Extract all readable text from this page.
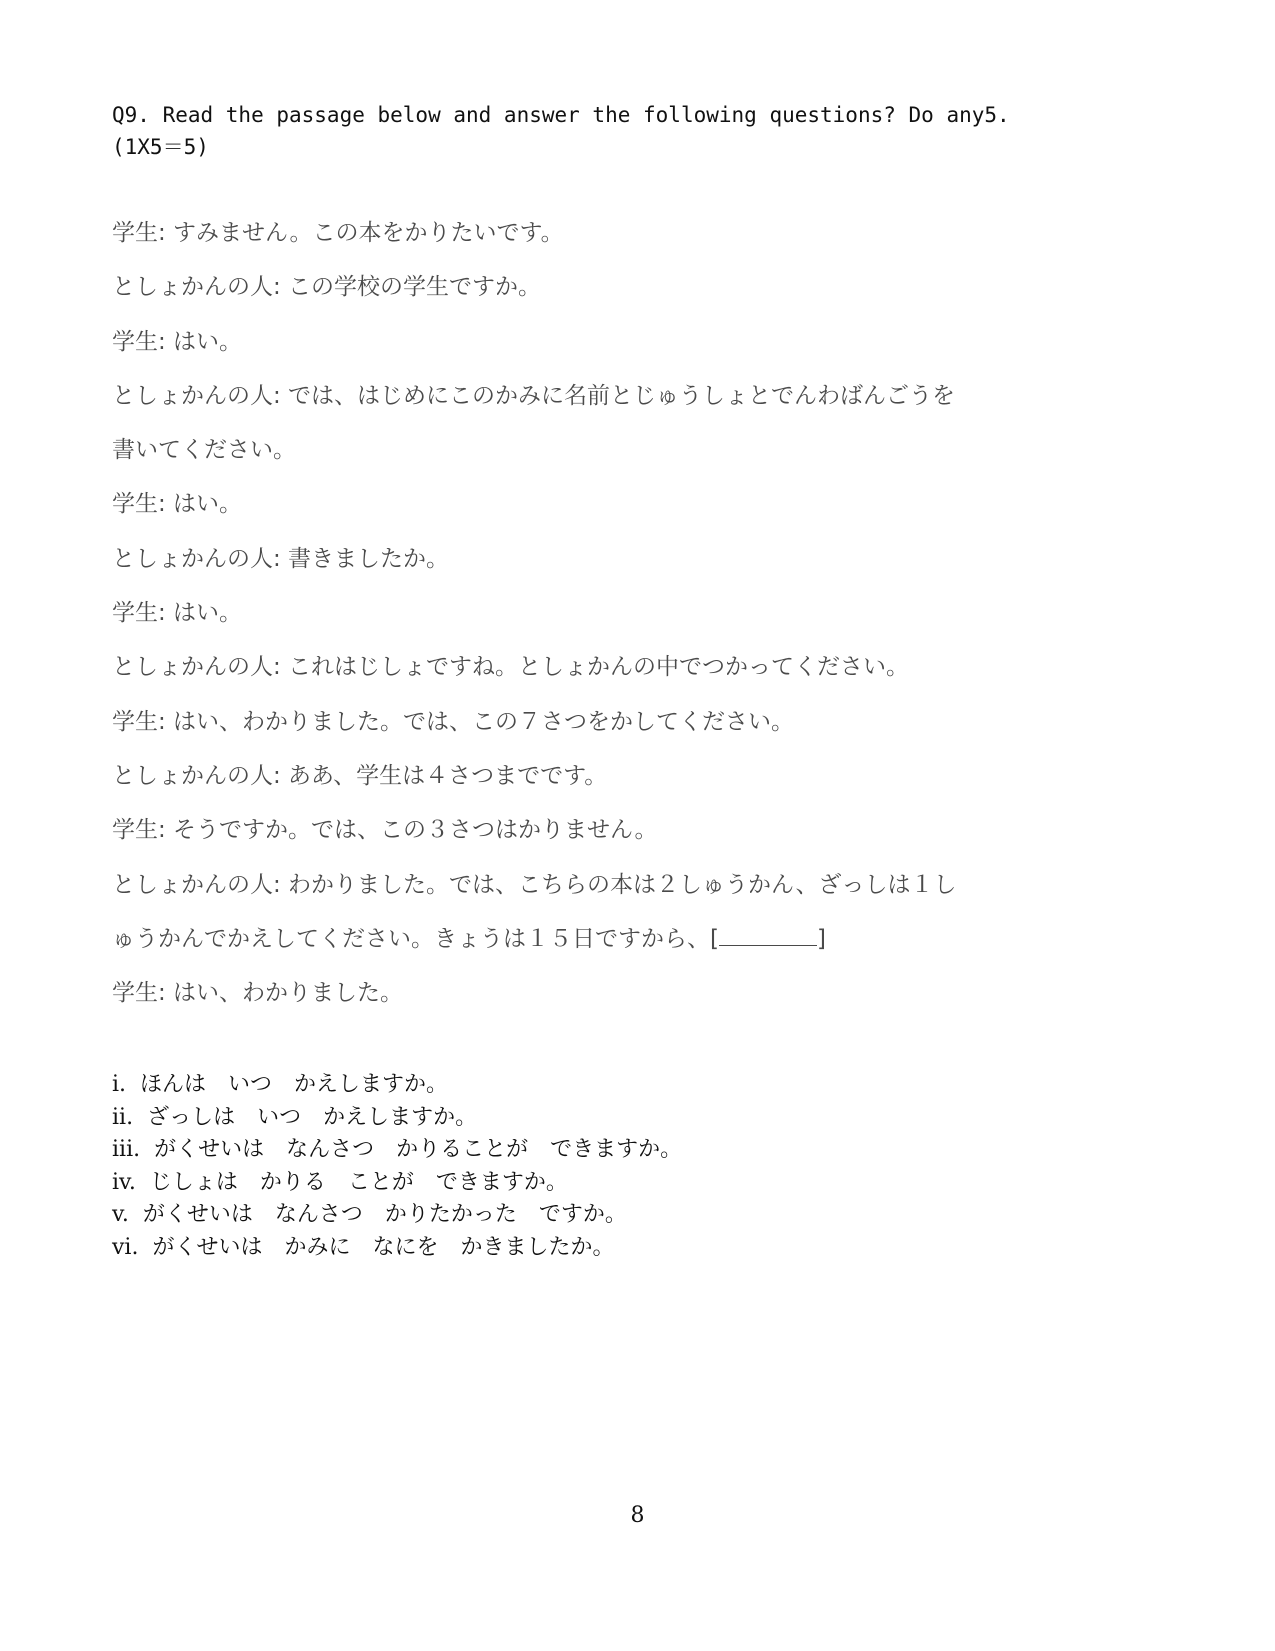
Q9. Read the passage below and answer the following questions? Do any5.
(1X5＝5)
学生: すみません。この本をかりたいです。
としょかんの人: この学校の学生ですか。
学生: はい。
としょかんの人: では、はじめにこのかみに名前とじゅうしょとでんわばんごうを
書いてください。
学生: はい。
としょかんの人: 書きましたか。
学生: はい。
としょかんの人: これはじしょですね。としょかんの中でつかってください。
学生: はい、わかりました。では、この７さつをかしてください。
としょかんの人: ああ、学生は４さつまでです。
学生: そうですか。では、この３さつはかりません。
としょかんの人: わかりました。では、こちらの本は２しゅうかん、ざっしは１し
ゅうかんでかえしてください。きょうは１５日ですから、[	]
学生: はい、わかりました。
i. ほんは　いつ　かえしますか。
ii. ざっしは　いつ　かえしますか。
iii. がくせいは　なんさつ　かりることが　できますか。
iv. じしょは　かりる　ことが　できますか。
v. がくせいは　なんさつ　かりたかった　ですか。
vi. がくせいは　かみに　なにを　かきましたか。
8
